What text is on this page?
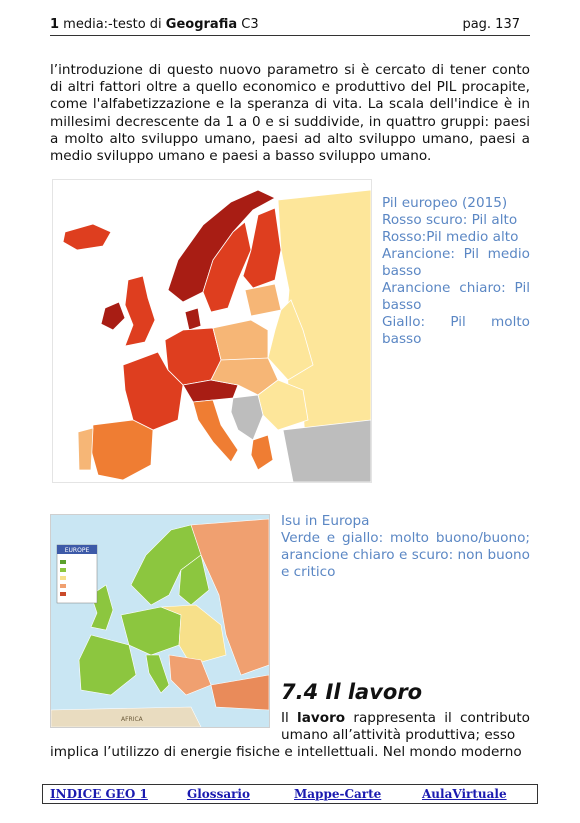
1 media:-testo di Geografia C3	pag. 137

l’introduzione di questo nuovo parametro si è cercato di tener conto di altri fattori oltre a quello economico e produttivo del PIL procapite, come l'alfabetizzazione e la speranza di vita. La scala dell'indice è in millesimi decrescente da 1 a 0 e si suddivide, in quattro gruppi: paesi a molto alto sviluppo umano, paesi ad alto sviluppo umano, paesi a medio sviluppo umano e paesi a basso sviluppo umano.

Pil europeo (2015)
Rosso scuro: Pil alto
Rosso:Pil medio alto
Arancione: Pil medio basso
Arancione chiaro: Pil basso
Giallo: Pil molto basso
EUROPE
AFRICA
Isu in Europa
Verde e giallo: molto buono/buono; arancione chiaro e scuro: non buono e critico
7.4 Il lavoro

Il lavoro rappresenta il contributo umano all’attività produttiva; esso

implica l’utilizzo di energie fisiche e intellettuali. Nel mondo moderno

INDICE GEO 1	Glossario	Mappe-Carte	AulaVirtuale
